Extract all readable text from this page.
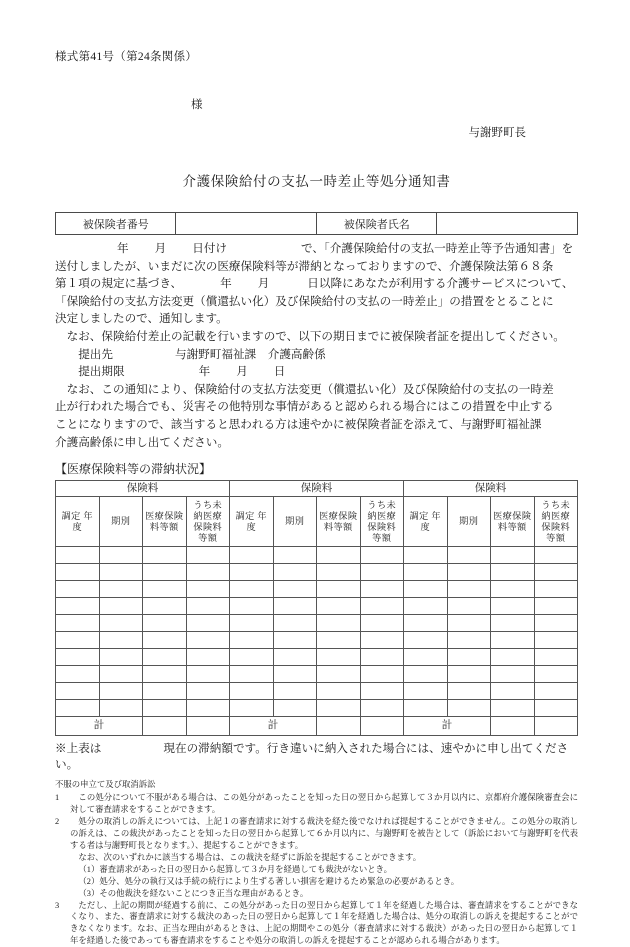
様式第41号（第24条関係）
様
与謝野町長
介護保険給付の支払一時差止等処分通知書
被保険者番号		被保険者氏名	

年 月 日付け	で、「介護保険給付の支払一時差止等予告通知書」を

送付しましたが、いまだに次の医療保険料等が滞納となっておりますので、介護保険法第６８条

第１項の規定に基づき、	年 月	日以降にあなたが利用する介護サービスについて、

「保険給付の支払方法変更（償還払い化）及び保険給付の支払の一時差止」の措置をとることに

決定しましたので、通知します。

なお、保険給付差止の記載を行いますので、以下の期日までに被保険者証を提出してください。

提出先	与謝野町福祉課　介護高齢係

提出期限	年 月 日

なお、この通知により、保険給付の支払方法変更（償還払い化）及び保険給付の支払の一時差

止が行われた場合でも、災害その他特別な事情があると認められる場合にはこの措置を中止する

ことになりますので、該当すると思われる方は速やかに被保険者証を添えて、与謝野町福祉課

介護高齢係に申し出てください。

【医療保険料等の滞納状況】
保険料				保険料				保険料			

調定 年度	期別	医療保険 料等額	うち未 納医療 保険料 等額	調定 年度	期別	医療保険 料等額	うち未 納医療 保険料 等額	調定 年度	期別	医療保険 料等額	うち未 納医療 保険料 等額

計				計				計			
※上表は	現在の滞納額です。行き違いに納入された場合には、速やかに申し出てください。
不服の申立て及び取消訴訟
1	この処分について不服がある場合は、この処分があったことを知った日の翌日から起算して３か月以内に、京都府介護保険審査会に対して審査請求をすることができます。

2	処分の取消しの訴えについては、上記１の審査請求に対する裁決を経た後でなければ提起することができません。この処分の取消しの訴えは、この裁決があったことを知った日の翌日から起算して６か月以内に、与謝野町を被告として（訴訟において与謝野町を代表する者は与謝野町長となります。）、提起することができます。

なお、次のいずれかに該当する場合は、この裁決を経ずに訴訟を提起することができます。

（1）審査請求があった日の翌日から起算して３か月を経過しても裁決がないとき。

（2）処分、処分の執行又は手続の続行により生ずる著しい損害を避けるため緊急の必要があるとき。

（3）その他裁決を経ないことにつき正当な理由があるとき。

3	ただし、上記の期間が経過する前に、この処分があった日の翌日から起算して１年を経過した場合は、審査請求をすることができなくなり、また、審査請求に対する裁決のあった日の翌日から起算して１年を経過した場合は、処分の取消しの訴えを提起することができなくなります。なお、正当な理由があるときは、上記の期間やこの処分（審査請求に対する裁決）があった日の翌日から起算して１年を経過した後であっても審査請求をすることや処分の取消しの訴えを提起することが認められる場合があります。
